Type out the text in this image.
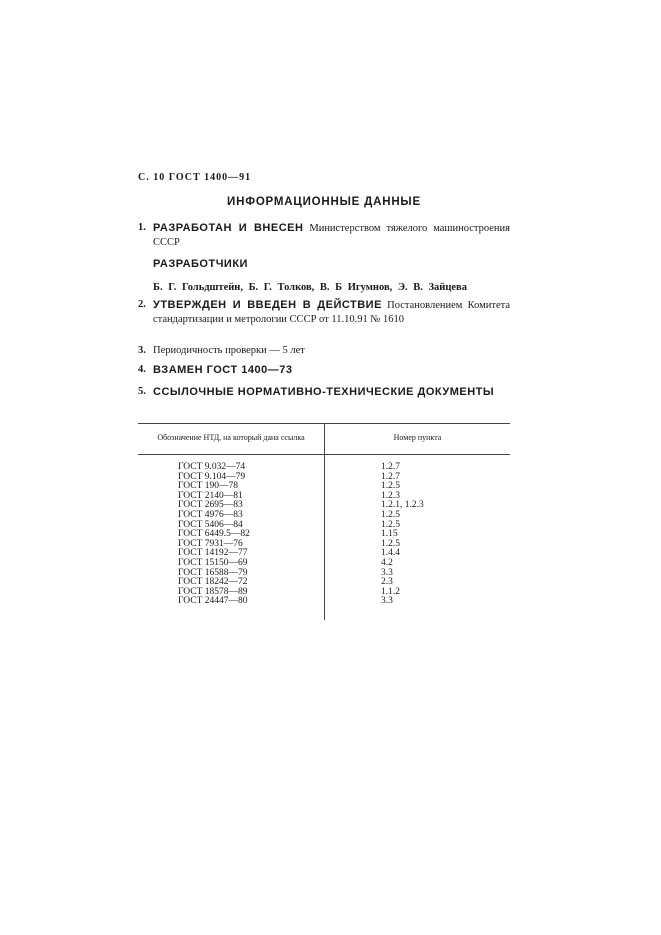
С. 10 ГОСТ 1400—91
ИНФОРМАЦИОННЫЕ ДАННЫЕ
1. РАЗРАБОТАН И ВНЕСЕН Министерством тяжелого машиностроения СССР
РАЗРАБОТЧИКИ
Б. Г. Гольдштейн, Б. Г. Толков, В. Б Игумнов, Э. В. Зайцева
2. УТВЕРЖДЕН И ВВЕДЕН В ДЕЙСТВИЕ Постановлением Комитета стандартизации и метрологии СССР от 11.10.91 № 1610
3. Периодичность проверки — 5 лет
4. ВЗАМЕН ГОСТ 1400—73
5. ССЫЛОЧНЫЕ НОРМАТИВНО-ТЕХНИЧЕСКИЕ ДОКУМЕНТЫ
Обозначение НТД, на который дана ссылка	Номер пункта
ГОСТ 9.032—74
ГОСТ 9.104—79
ГОСТ 190—78
ГОСТ 2140—81
ГОСТ 2695—83
ГОСТ 4976—83
ГОСТ 5406—84
ГОСТ 6449.5—82
ГОСТ 7931—76
ГОСТ 14192—77
ГОСТ 15150—69
ГОСТ 16588—79
ГОСТ 18242—72
ГОСТ 18578—89
ГОСТ 24447—80
1.2.7
1.2.7
1.2.5
1.2.3
1.2.1, 1.2.3
1.2.5
1.2.5
1.15
1.2.5
1.4.4
4.2
3.3
2.3
1.1.2
3.3
